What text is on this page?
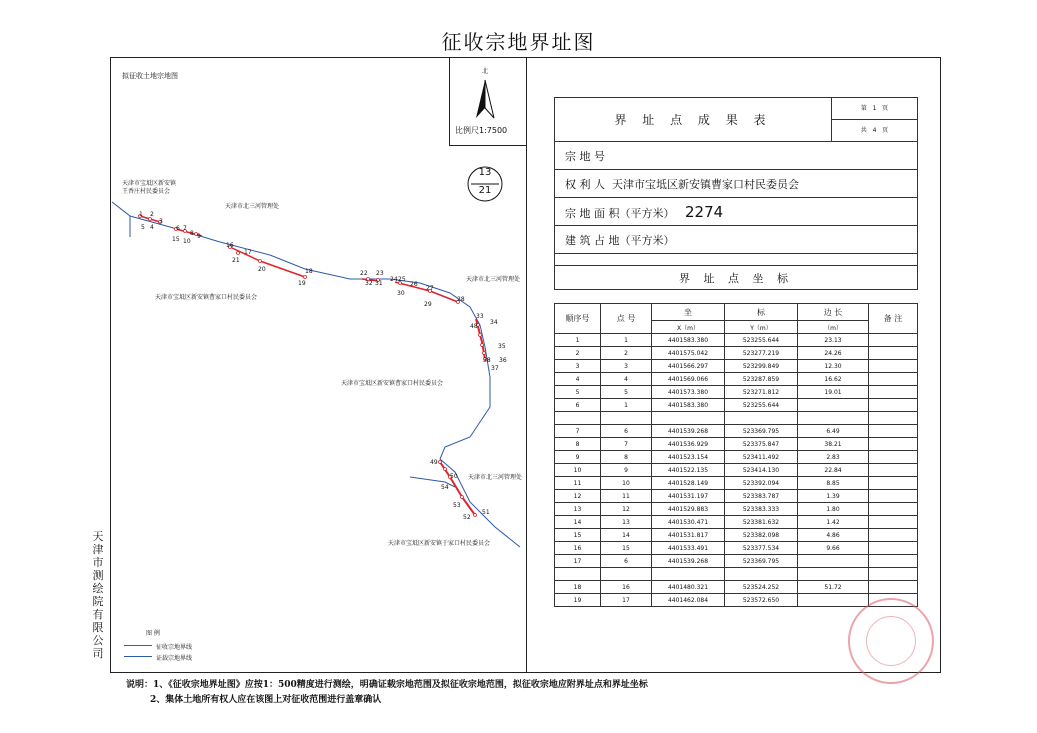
征收宗地界址图
拟征收土地宗地图
北
比例尺1:7500
13
21
1 2
3
4
5	6 7
8 9
10
15
16
17
18
19
20
21
22 23
24 25
26
27
28
29
30
31
32
33
34
35
36
37
38
48
49
50
51
52
53
54
天津市宝坻区新安镇
王香庄村民委员会
天津市北三河管理处
天津市宝坻区新安镇曹家口村民委员会
天津市北三河管理处
天津市宝坻区新安镇曹家口村民委员会
天津市北三河管理处
天津市宝坻区新安镇于家口村民委员会
图 例
征收宗地界线
证载宗地界线
天津市测绘院有限公司
说明：1、《征收宗地界址图》应按1：500精度进行测绘，明确证载宗地范围及拟征收宗地范围，拟征收宗地应附界址点和界址坐标
2、集体土地所有权人应在该图上对征收范围进行盖章确认
界 址 点 成 果 表	
第 1 页
共 4 页

宗 地 号
权 利 人 天津市宝坻区新安镇曹家口村民委员会
宗 地 面 积（平方米） 2274
建 筑 占 地（平方米）

界 址 点 坐 标
顺序号	点 号	坐	标	边 长	备 注
		X（m）	Y（m）	（m）	
1	1	4401583.380	523255.644	23.13	
2	2	4401575.042	523277.219	24.26	
3	3	4401566.297	523299.849	12.30	
4	4	4401569.066	523287.859	16.62	
5	5	4401573.380	523271.812	19.01	
6	1	4401583.380	523255.644		

7	6	4401539.268	523369.795	6.49	
8	7	4401536.929	523375.847	38.21	
9	8	4401523.154	523411.492	2.83	
10	9	4401522.135	523414.130	22.84	
11	10	4401528.149	523392.094	8.85	
12	11	4401531.197	523383.787	1.39	
13	12	4401529.883	523383.333	1.80	
14	13	4401530.471	523381.632	1.42	
15	14	4401531.817	523382.098	4.86	
16	15	4401533.491	523377.534	9.66	
17	6	4401539.268	523369.795		

18	16	4401480.321	523524.252	51.72	
19	17	4401462.084	523572.650		
